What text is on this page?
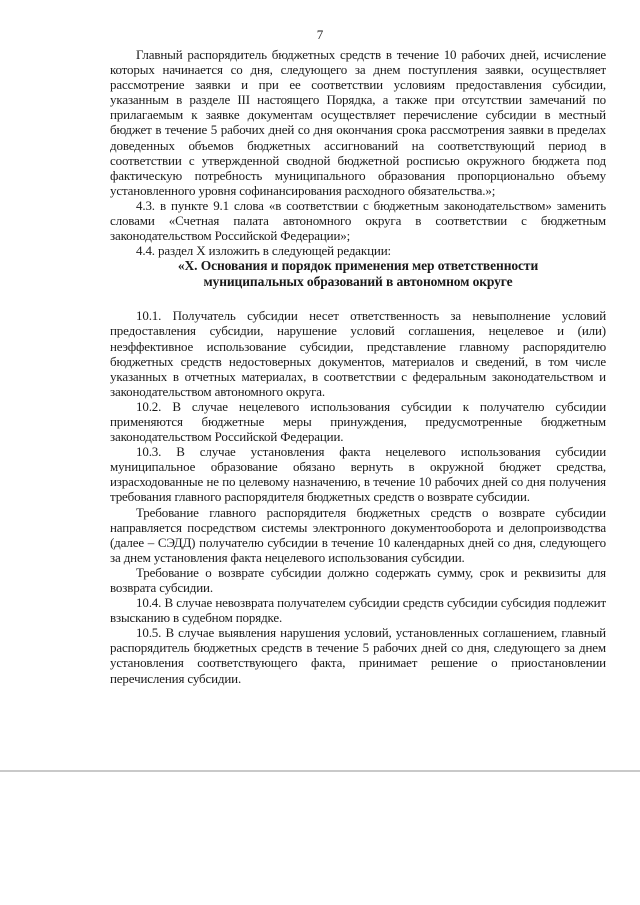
7

Главный распорядитель бюджетных средств в течение 10 рабочих дней, исчисление которых начинается со дня, следующего за днем поступления заявки, осуществляет рассмотрение заявки и при ее соответствии условиям предоставления субсидии, указанным в разделе III настоящего Порядка, а также при отсутствии замечаний по прилагаемым к заявке документам осуществляет перечисление субсидии в местный бюджет в течение 5 рабочих дней со дня окончания срока рассмотрения заявки в пределах доведенных объемов бюджетных ассигнований на соответствующий период в соответствии с утвержденной сводной бюджетной росписью окружного бюджета под фактическую потребность муниципального образования пропорционально объему установленного уровня софинансирования расходного обязательства.»;

4.3. в пункте 9.1 слова «в соответствии с бюджетным законодательством» заменить словами «Счетная палата автономного округа в соответствии с бюджетным законодательством Российской Федерации»;

4.4. раздел X изложить в следующей редакции:

«X. Основания и порядок применения мер ответственности
муниципальных образований в автономном округе

10.1. Получатель субсидии несет ответственность за невыполнение условий предоставления субсидии, нарушение условий соглашения, нецелевое и (или) неэффективное использование субсидии, представление главному распорядителю бюджетных средств недостоверных документов, материалов и сведений, в том числе указанных в отчетных материалах, в соответствии с федеральным законодательством и законодательством автономного округа.

10.2. В случае нецелевого использования субсидии к получателю субсидии применяются бюджетные меры принуждения, предусмотренные бюджетным законодательством Российской Федерации.

10.3. В случае установления факта нецелевого использования субсидии муниципальное образование обязано вернуть в окружной бюджет средства, израсходованные не по целевому назначению, в течение 10 рабочих дней со дня получения требования главного распорядителя бюджетных средств о возврате субсидии.

Требование главного распорядителя бюджетных средств о возврате субсидии направляется посредством системы электронного документооборота и делопроизводства (далее – СЭДД) получателю субсидии в течение 10 календарных дней со дня, следующего за днем установления факта нецелевого использования субсидии.

Требование о возврате субсидии должно содержать сумму, срок и реквизиты для возврата субсидии.

10.4. В случае невозврата получателем субсидии средств субсидии субсидия подлежит взысканию в судебном порядке.

10.5. В случае выявления нарушения условий, установленных соглашением, главный распорядитель бюджетных средств в течение 5 рабочих дней со дня, следующего за днем установления соответствующего факта, принимает решение о приостановлении перечисления субсидии.
